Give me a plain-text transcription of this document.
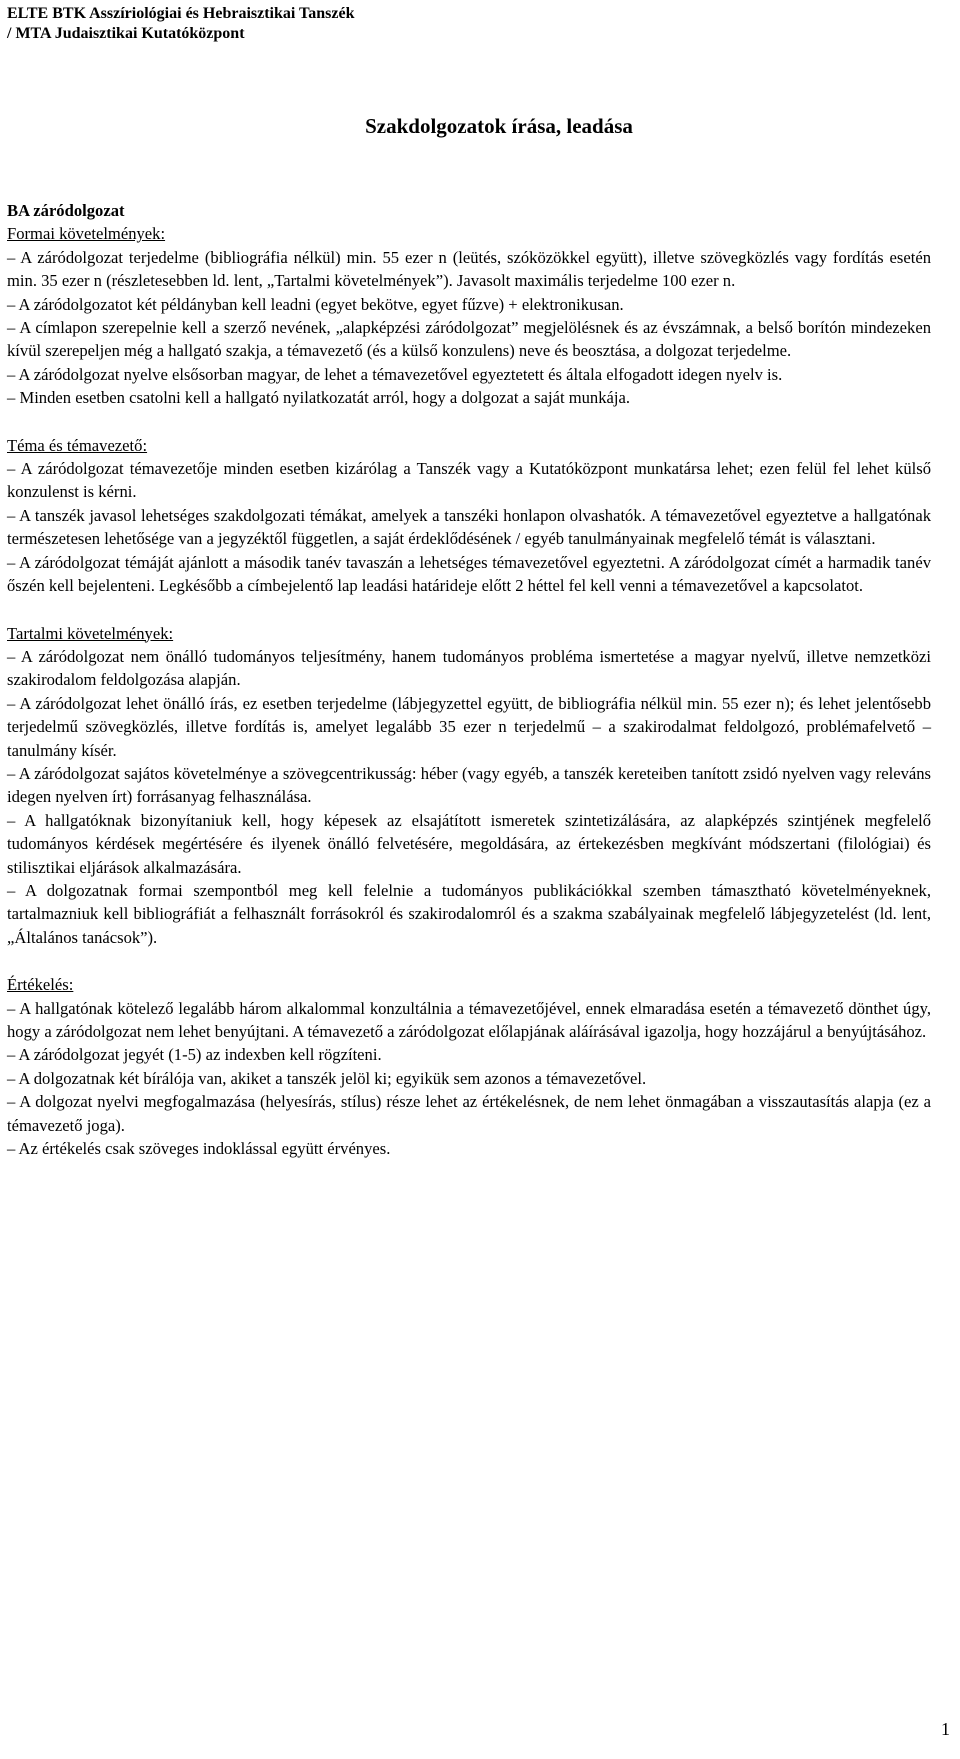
ELTE BTK Asszíriológiai és Hebraisztikai Tanszék
/ MTA Judaisztikai Kutatóközpont
Szakdolgozatok írása, leadása

BA záródolgozat

Formai követelmények:

– A záródolgozat terjedelme (bibliográfia nélkül) min. 55 ezer n (leütés, szóközökkel együtt), illetve szövegközlés vagy fordítás esetén min. 35 ezer n (részletesebben ld. lent, „Tartalmi követelmények”). Javasolt maximális terjedelme 100 ezer n.

– A záródolgozatot két példányban kell leadni (egyet bekötve, egyet fűzve) + elektronikusan.

– A címlapon szerepelnie kell a szerző nevének, „alapképzési záródolgozat” megjelölésnek és az évszámnak, a belső borítón mindezeken kívül szerepeljen még a hallgató szakja, a témavezető (és a külső konzulens) neve és beosztása, a dolgozat terjedelme.

– A záródolgozat nyelve elsősorban magyar, de lehet a témavezetővel egyeztetett és általa elfogadott idegen nyelv is.

– Minden esetben csatolni kell a hallgató nyilatkozatát arról, hogy a dolgozat a saját munkája.

Téma és témavezető:

– A záródolgozat témavezetője minden esetben kizárólag a Tanszék vagy a Kutatóközpont munkatársa lehet; ezen felül fel lehet külső konzulenst is kérni.

– A tanszék javasol lehetséges szakdolgozati témákat, amelyek a tanszéki honlapon olvashatók. A témavezetővel egyeztetve a hallgatónak természetesen lehetősége van a jegyzéktől független, a saját érdeklődésének / egyéb tanulmányainak megfelelő témát is választani.

– A záródolgozat témáját ajánlott a második tanév tavaszán a lehetséges témavezetővel egyeztetni. A záródolgozat címét a harmadik tanév őszén kell bejelenteni. Legkésőbb a címbejelentő lap leadási határideje előtt 2 héttel fel kell venni a témavezetővel a kapcsolatot.

Tartalmi követelmények:

– A záródolgozat nem önálló tudományos teljesítmény, hanem tudományos probléma ismertetése a magyar nyelvű, illetve nemzetközi szakirodalom feldolgozása alapján.

– A záródolgozat lehet önálló írás, ez esetben terjedelme (lábjegyzettel együtt, de bibliográfia nélkül min. 55 ezer n); és lehet jelentősebb terjedelmű szövegközlés, illetve fordítás is, amelyet legalább 35 ezer n terjedelmű – a szakirodalmat feldolgozó, problémafelvető – tanulmány kísér.

– A záródolgozat sajátos követelménye a szövegcentrikusság: héber (vagy egyéb, a tanszék kereteiben tanított zsidó nyelven vagy releváns idegen nyelven írt) forrásanyag felhasználása.

– A hallgatóknak bizonyítaniuk kell, hogy képesek az elsajátított ismeretek szintetizálására, az alapképzés szintjének megfelelő tudományos kérdések megértésére és ilyenek önálló felvetésére, megoldására, az értekezésben megkívánt módszertani (filológiai) és stilisztikai eljárások alkalmazására.

– A dolgozatnak formai szempontból meg kell felelnie a tudományos publikációkkal szemben támasztható követelményeknek, tartalmazniuk kell bibliográfiát a felhasznált forrásokról és szakirodalomról és a szakma szabályainak megfelelő lábjegyzetelést (ld. lent, „Általános tanácsok”).

Értékelés:

– A hallgatónak kötelező legalább három alkalommal konzultálnia a témavezetőjével, ennek elmaradása esetén a témavezető dönthet úgy, hogy a záródolgozat nem lehet benyújtani. A témavezető a záródolgozat előlapjának aláírásával igazolja, hogy hozzájárul a benyújtásához.

– A záródolgozat jegyét (1-5) az indexben kell rögzíteni.

– A dolgozatnak két bírálója van, akiket a tanszék jelöl ki; egyikük sem azonos a témavezetővel.

– A dolgozat nyelvi megfogalmazása (helyesírás, stílus) része lehet az értékelésnek, de nem lehet önmagában a visszautasítás alapja (ez a témavezető joga).

– Az értékelés csak szöveges indoklással együtt érvényes.

1
